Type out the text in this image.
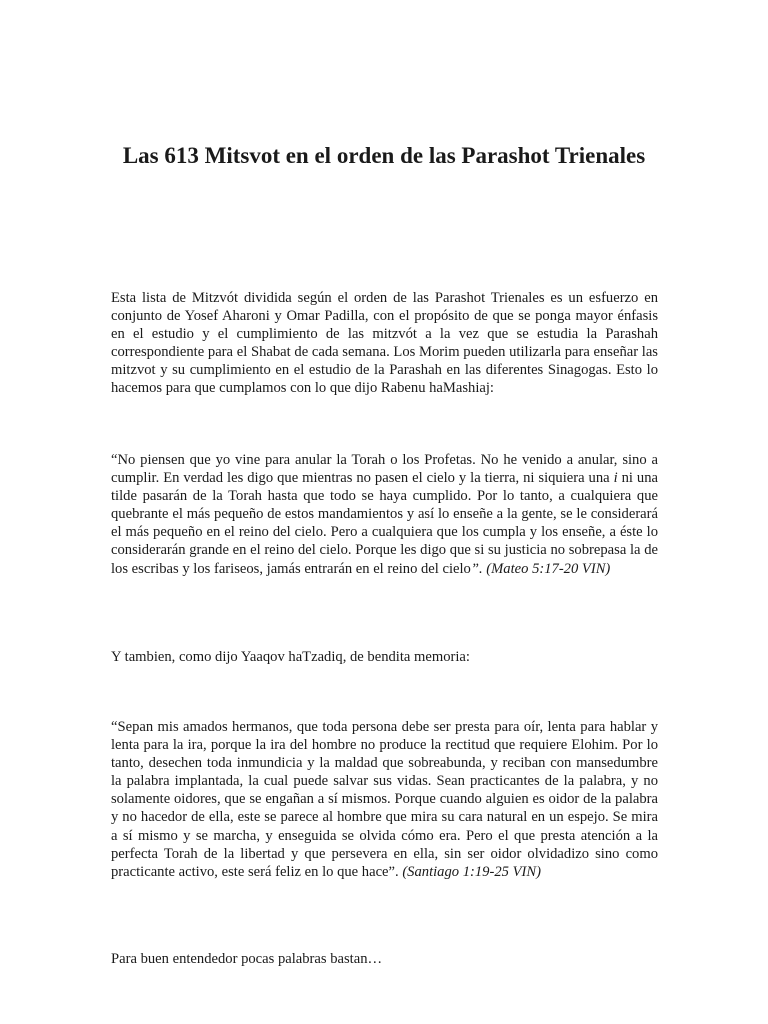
Las 613 Mitsvot en el orden de las Parashot Trienales

Esta lista de Mitzvót dividida según el orden de las Parashot Trienales es un esfuerzo en conjunto de Yosef Aharoni y Omar Padilla, con el propósito de que se ponga mayor énfasis en el estudio y el cumplimiento de las mitzvót a la vez que se estudia la Parashah correspondiente para el Shabat de cada semana. Los Morim pueden utilizarla para enseñar las mitzvot y su cumplimiento en el estudio de la Parashah en las diferentes Sinagogas. Esto lo hacemos para que cumplamos con lo que dijo Rabenu haMashiaj:

“No piensen que yo vine para anular la Torah o los Profetas. No he venido a anular, sino a cumplir. En verdad les digo que mientras no pasen el cielo y la tierra, ni siquiera una i ni una tilde pasarán de la Torah hasta que todo se haya cumplido. Por lo tanto, a cualquiera que quebrante el más pequeño de estos mandamientos y así lo enseñe a la gente, se le considerará el más pequeño en el reino del cielo. Pero a cualquiera que los cumpla y los enseñe, a éste lo considerarán grande en el reino del cielo. Porque les digo que si su justicia no sobrepasa la de los escribas y los fariseos, jamás entrarán en el reino del cielo”. (Mateo 5:17-20 VIN)

Y tambien, como dijo Yaaqov haTzadiq, de bendita memoria:

“Sepan mis amados hermanos, que toda persona debe ser presta para oír, lenta para hablar y lenta para la ira, porque la ira del hombre no produce la rectitud que requiere Elohim. Por lo tanto, desechen toda inmundicia y la maldad que sobreabunda, y reciban con mansedumbre la palabra implantada, la cual puede salvar sus vidas. Sean practicantes de la palabra, y no solamente oidores, que se engañan a sí mismos. Porque cuando alguien es oidor de la palabra y no hacedor de ella, este se parece al hombre que mira su cara natural en un espejo. Se mira a sí mismo y se marcha, y enseguida se olvida cómo era. Pero el que presta atención a la perfecta Torah de la libertad y que persevera en ella, sin ser oidor olvidadizo sino como practicante activo, este será feliz en lo que hace”. (Santiago 1:19-25 VIN)

Para buen entendedor pocas palabras bastan…
